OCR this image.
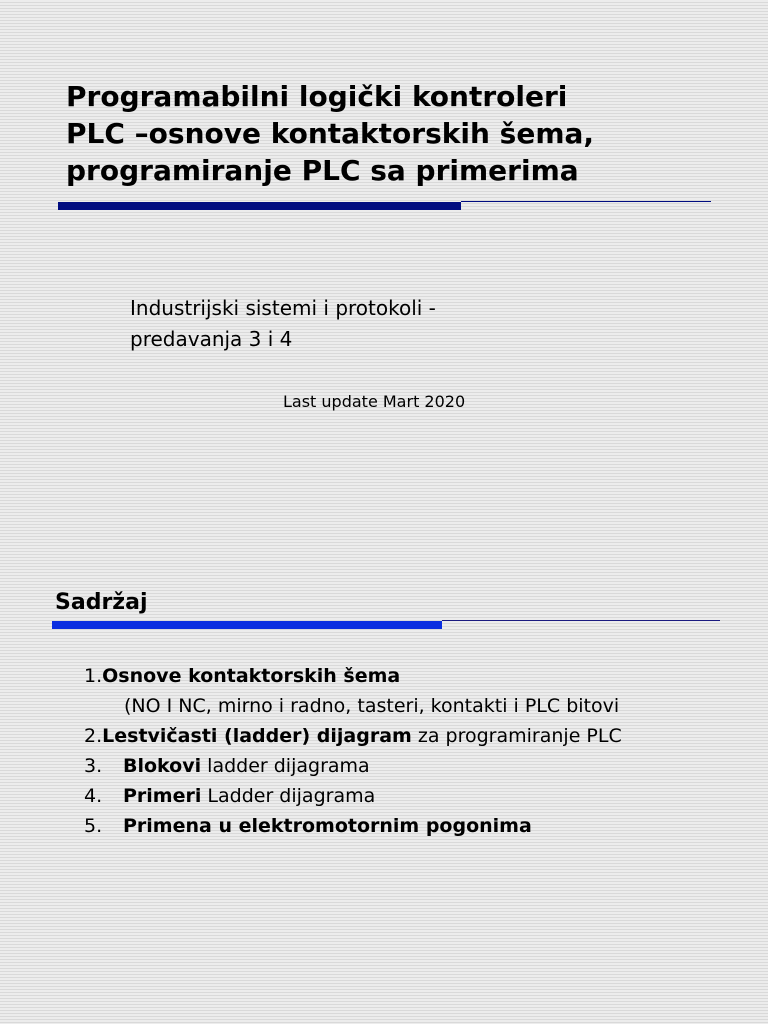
Programabilni logički kontroleri
PLC –osnove kontaktorskih šema,
programiranje PLC sa primerima

Industrijski sistemi i protokoli -
predavanja 3 i 4

Last update Mart 2020

Sadržaj
1.Osnove kontaktorskih šema
(NO I NC, mirno i radno, tasteri, kontakti i PLC bitovi
2.Lestvičasti (ladder) dijagram za programiranje PLC
3. Blokovi ladder dijagrama
4. Primeri Ladder dijagrama
5. Primena u elektromotornim pogonima
